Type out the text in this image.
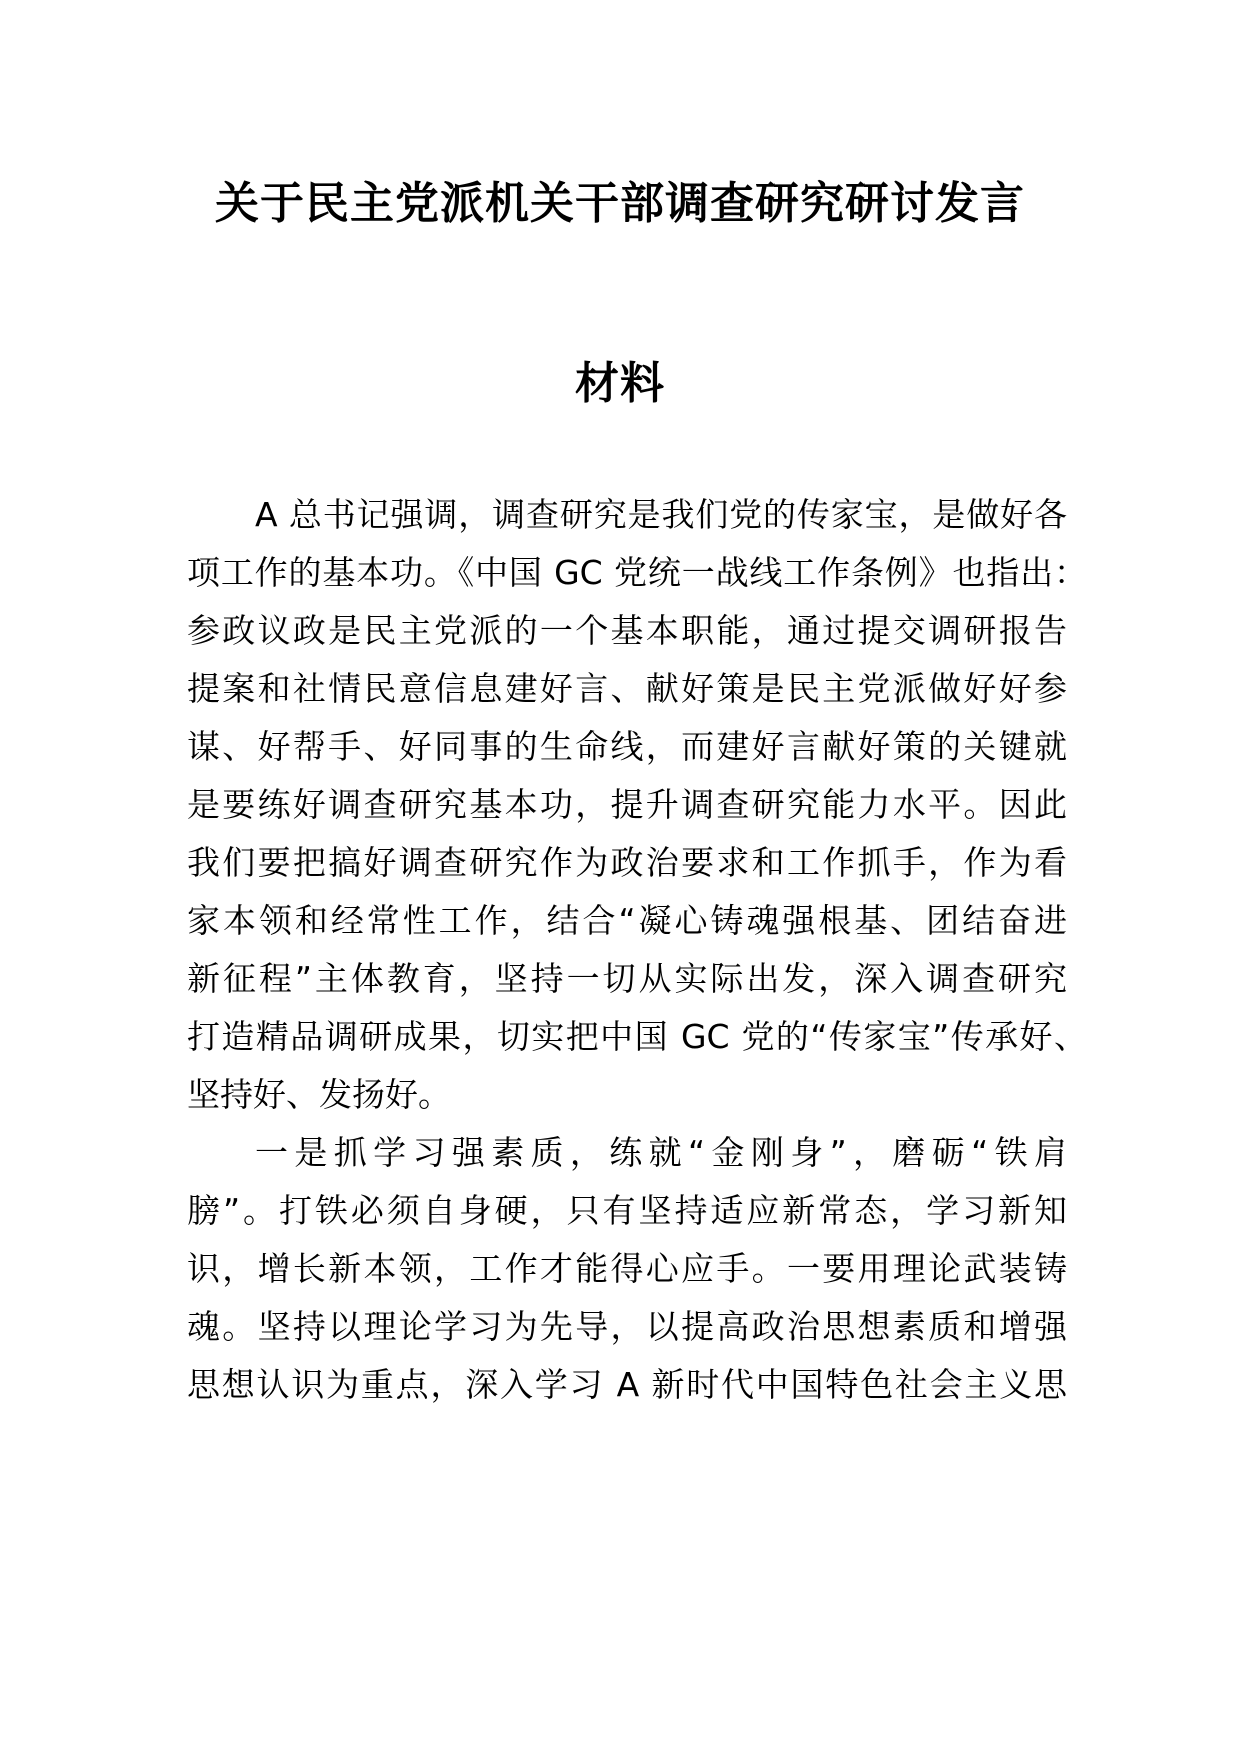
关于民主党派机关干部调查研究研讨发言
材料
A 总书记强调，调查研究是我们党的传家宝，是做好各
项工作的基本功。《中国 GC 党统一战线工作条例》也指出：
参政议政是民主党派的一个基本职能，通过提交调研报告
提案和社情民意信息建好言、献好策是民主党派做好好参
谋、好帮手、好同事的生命线，而建好言献好策的关键就
是要练好调查研究基本功，提升调查研究能力水平。因此
我们要把搞好调查研究作为政治要求和工作抓手，作为看
家本领和经常性工作，结合“凝心铸魂强根基、团结奋进
新征程”主体教育，坚持一切从实际出发，深入调查研究
打造精品调研成果，切实把中国 GC 党的“传家宝”传承好、
坚持好、发扬好。
一是抓学习强素质，练就“金刚身”，磨砺“铁肩
膀”。打铁必须自身硬，只有坚持适应新常态，学习新知
识，增长新本领，工作才能得心应手。一要用理论武装铸
魂。坚持以理论学习为先导，以提高政治思想素质和增强
思想认识为重点，深入学习 A 新时代中国特色社会主义思
